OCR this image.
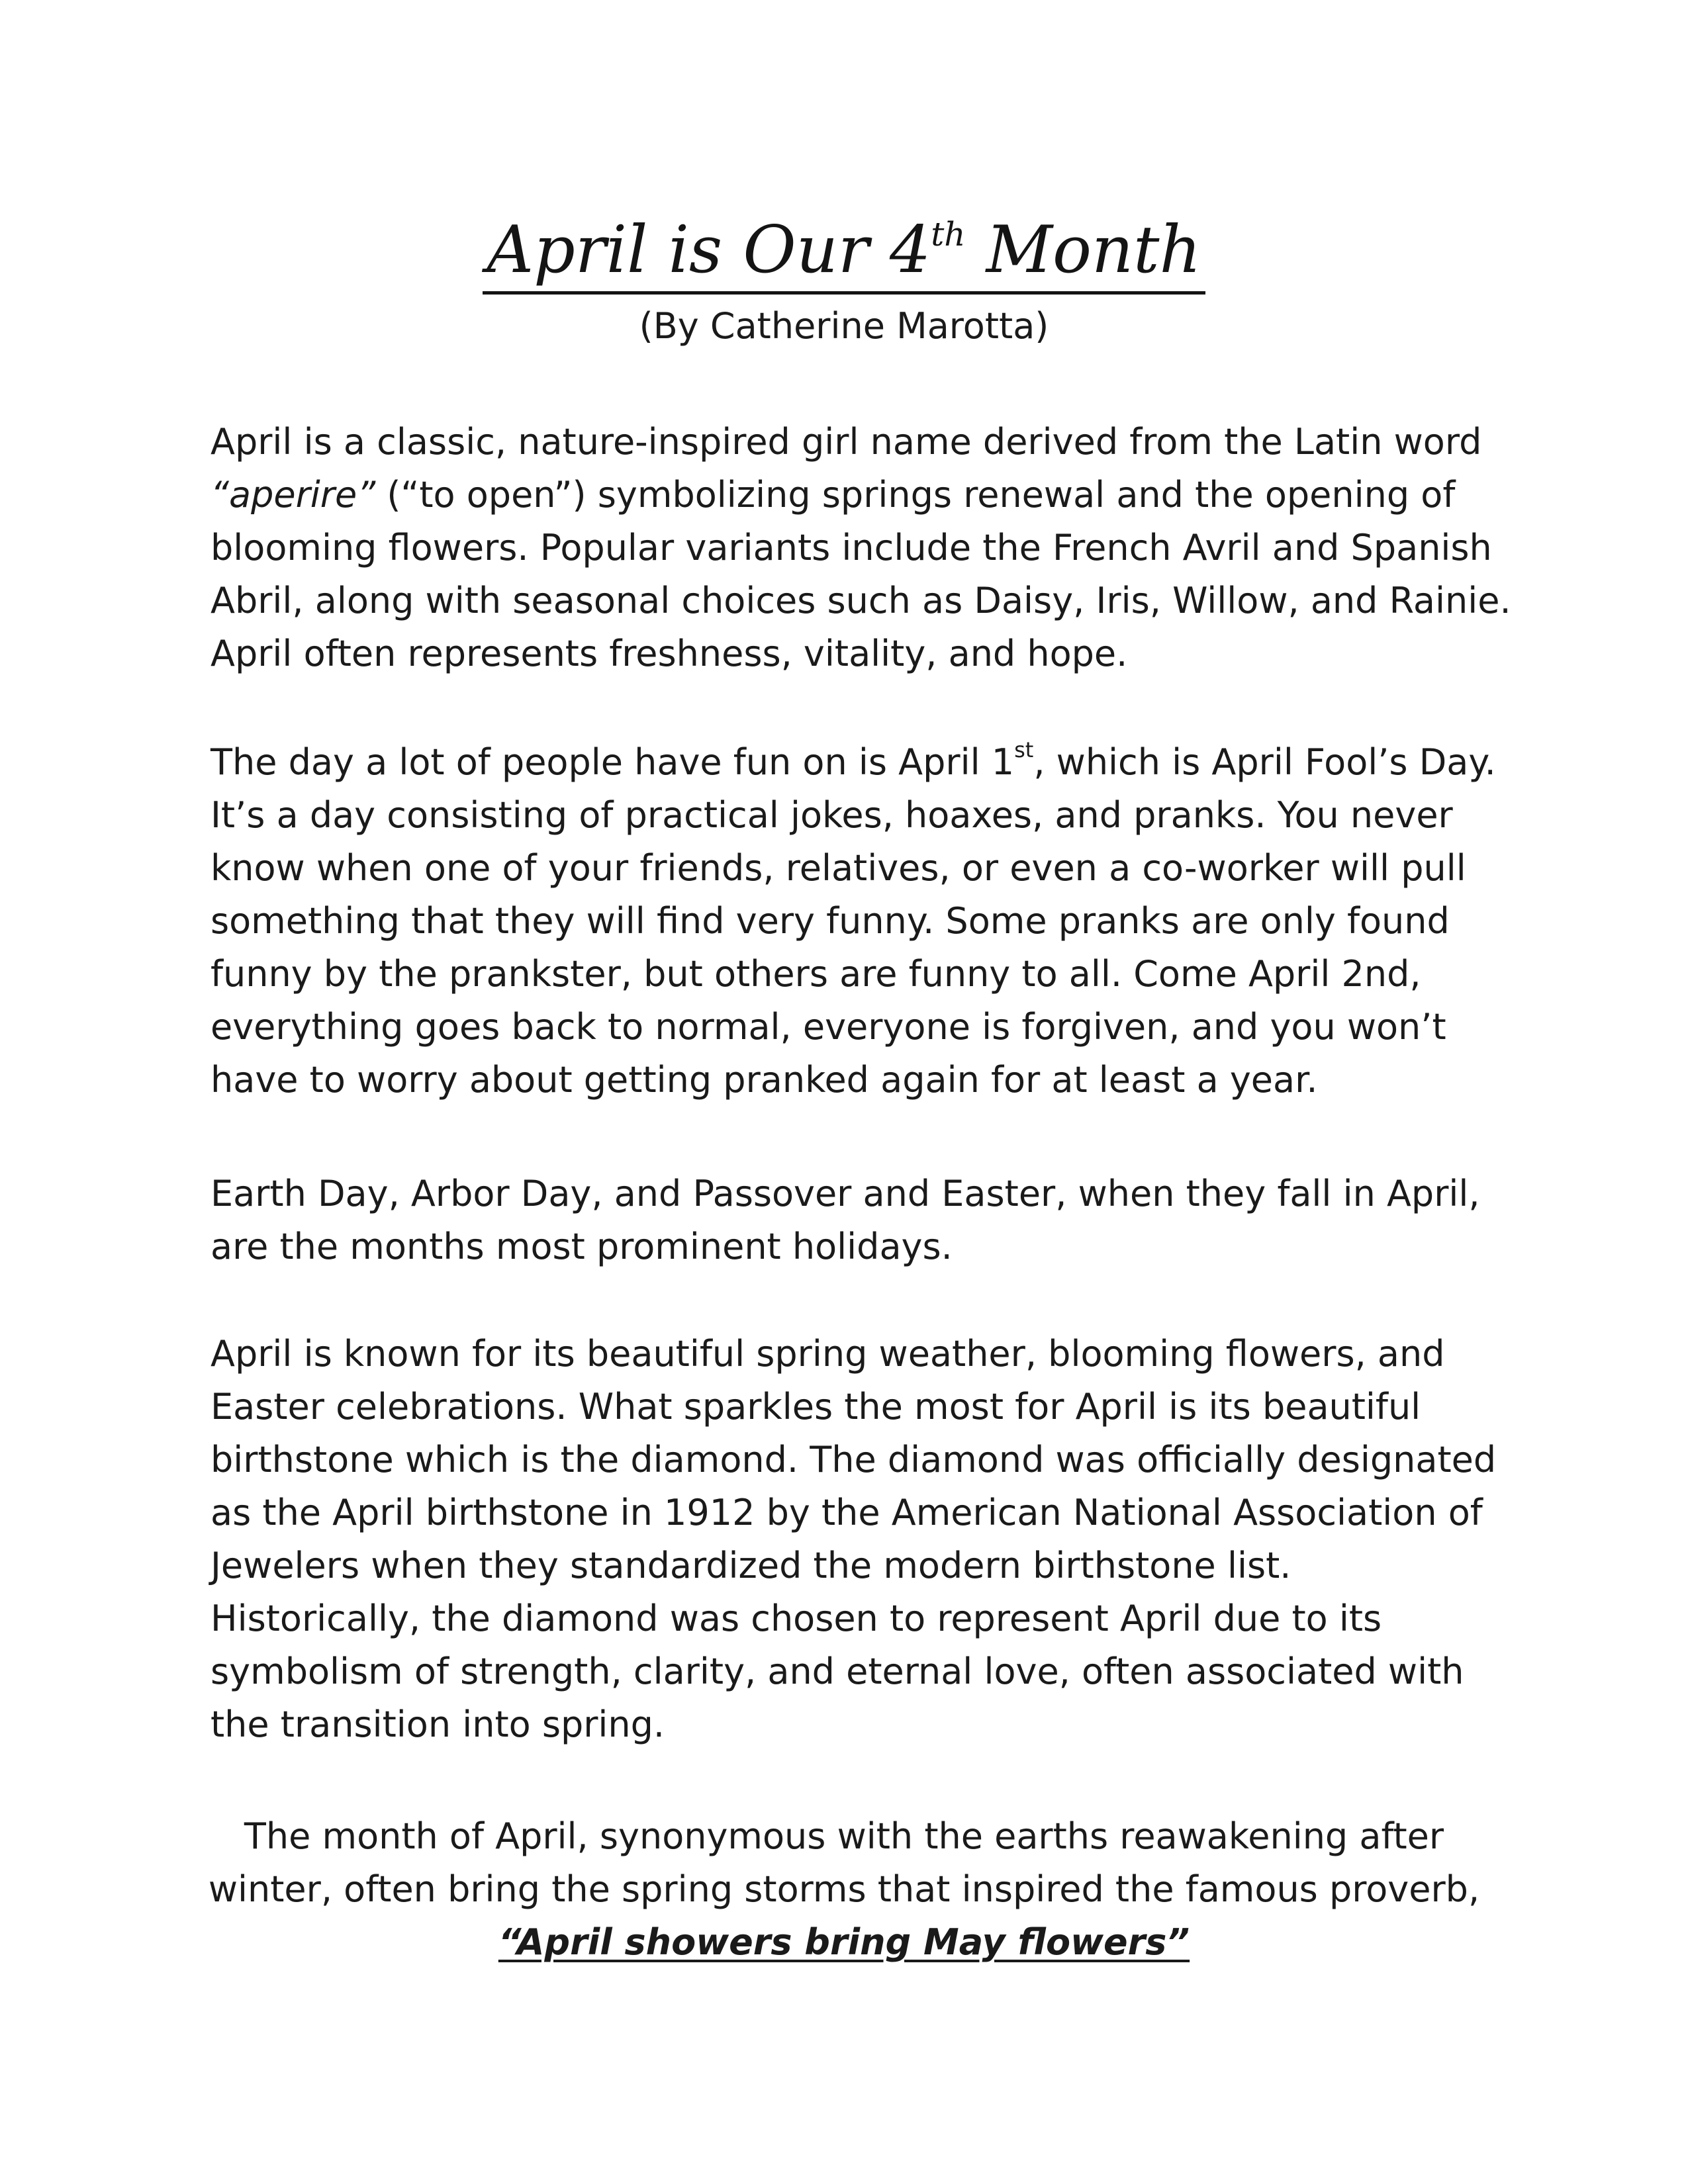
April is Our 4th Month

(By Catherine Marotta)

April is a classic, nature-inspired girl name derived from the Latin word
“aperire” (“to open”) symbolizing springs renewal and the opening of
blooming flowers. Popular variants include the French Avril and Spanish
Abril, along with seasonal choices such as Daisy, Iris, Willow, and Rainie.
April often represents freshness, vitality, and hope.

The day a lot of people have fun on is April 1st, which is April Fool’s Day.
It’s a day consisting of practical jokes, hoaxes, and pranks. You never
know when one of your friends, relatives, or even a co-worker will pull
something that they will find very funny. Some pranks are only found
funny by the prankster, but others are funny to all. Come April 2nd,
everything goes back to normal, everyone is forgiven, and you won’t
have to worry about getting pranked again for at least a year.

Earth Day, Arbor Day, and Passover and Easter, when they fall in April,
are the months most prominent holidays.

April is known for its beautiful spring weather, blooming flowers, and
Easter celebrations. What sparkles the most for April is its beautiful
birthstone which is the diamond. The diamond was officially designated
as the April birthstone in 1912 by the American National Association of
Jewelers when they standardized the modern birthstone list.
Historically, the diamond was chosen to represent April due to its
symbolism of strength, clarity, and eternal love, often associated with
the transition into spring.

The month of April, synonymous with the earths reawakening after
winter, often bring the spring storms that inspired the famous proverb,
“April showers bring May flowers”
